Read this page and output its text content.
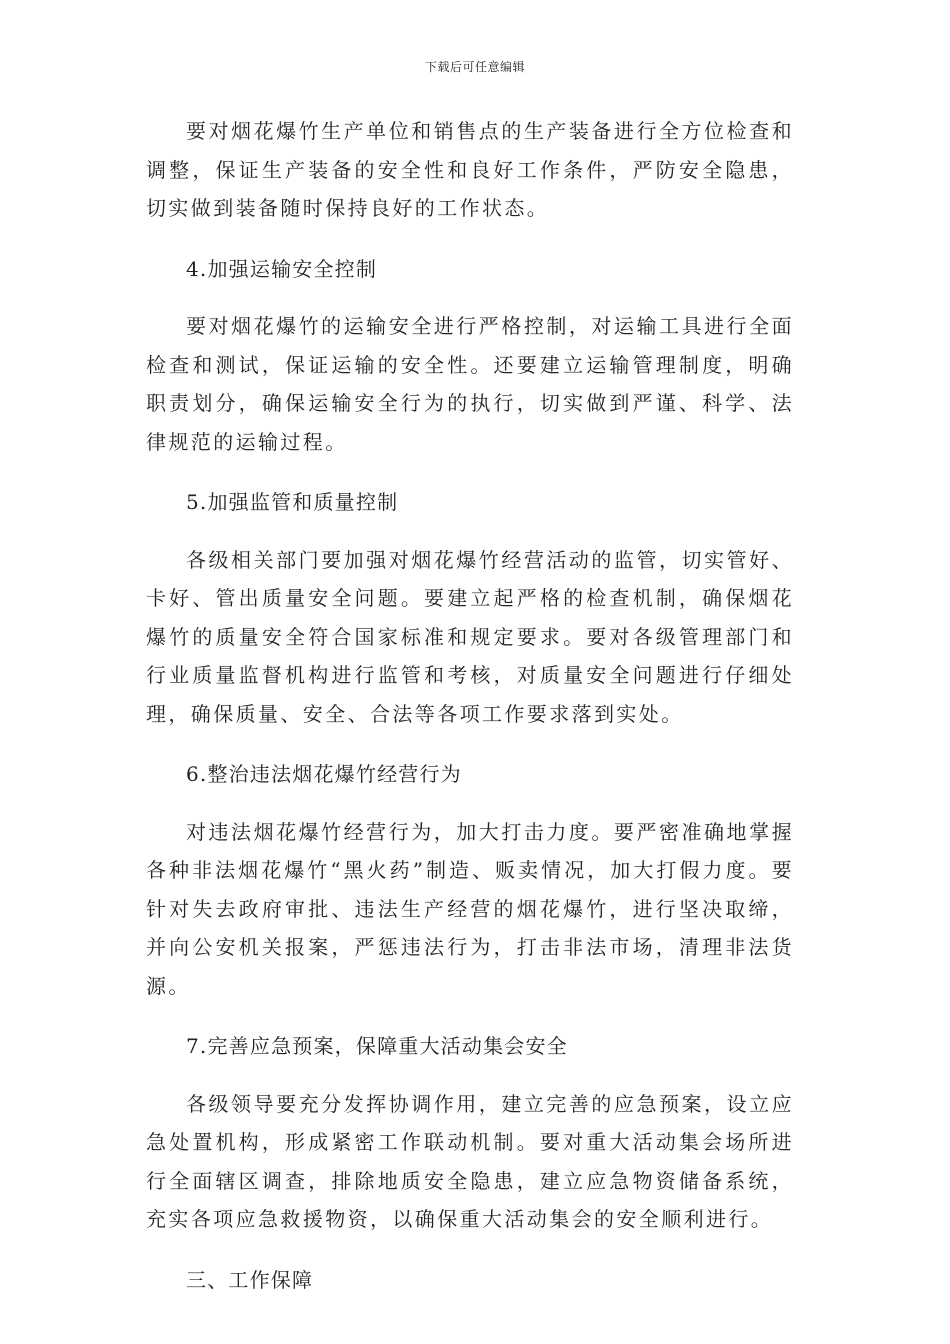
下载后可任意编辑

要对烟花爆竹生产单位和销售点的生产装备进行全方位检查和调整，保证生产装备的安全性和良好工作条件，严防安全隐患，切实做到装备随时保持良好的工作状态。

4.加强运输安全控制

要对烟花爆竹的运输安全进行严格控制，对运输工具进行全面检查和测试，保证运输的安全性。还要建立运输管理制度，明确职责划分，确保运输安全行为的执行，切实做到严谨、科学、法律规范的运输过程。

5.加强监管和质量控制

各级相关部门要加强对烟花爆竹经营活动的监管，切实管好、卡好、管出质量安全问题。要建立起严格的检查机制，确保烟花爆竹的质量安全符合国家标准和规定要求。要对各级管理部门和行业质量监督机构进行监管和考核，对质量安全问题进行仔细处理，确保质量、安全、合法等各项工作要求落到实处。

6.整治违法烟花爆竹经营行为

对违法烟花爆竹经营行为，加大打击力度。要严密准确地掌握各种非法烟花爆竹“黑火药”制造、贩卖情况，加大打假力度。要针对失去政府审批、违法生产经营的烟花爆竹，进行坚决取缔，并向公安机关报案，严惩违法行为，打击非法市场，清理非法货源。

7.完善应急预案，保障重大活动集会安全

各级领导要充分发挥协调作用，建立完善的应急预案，设立应急处置机构，形成紧密工作联动机制。要对重大活动集会场所进行全面辖区调查，排除地质安全隐患，建立应急物资储备系统，充实各项应急救援物资，以确保重大活动集会的安全顺利进行。

三、工作保障
